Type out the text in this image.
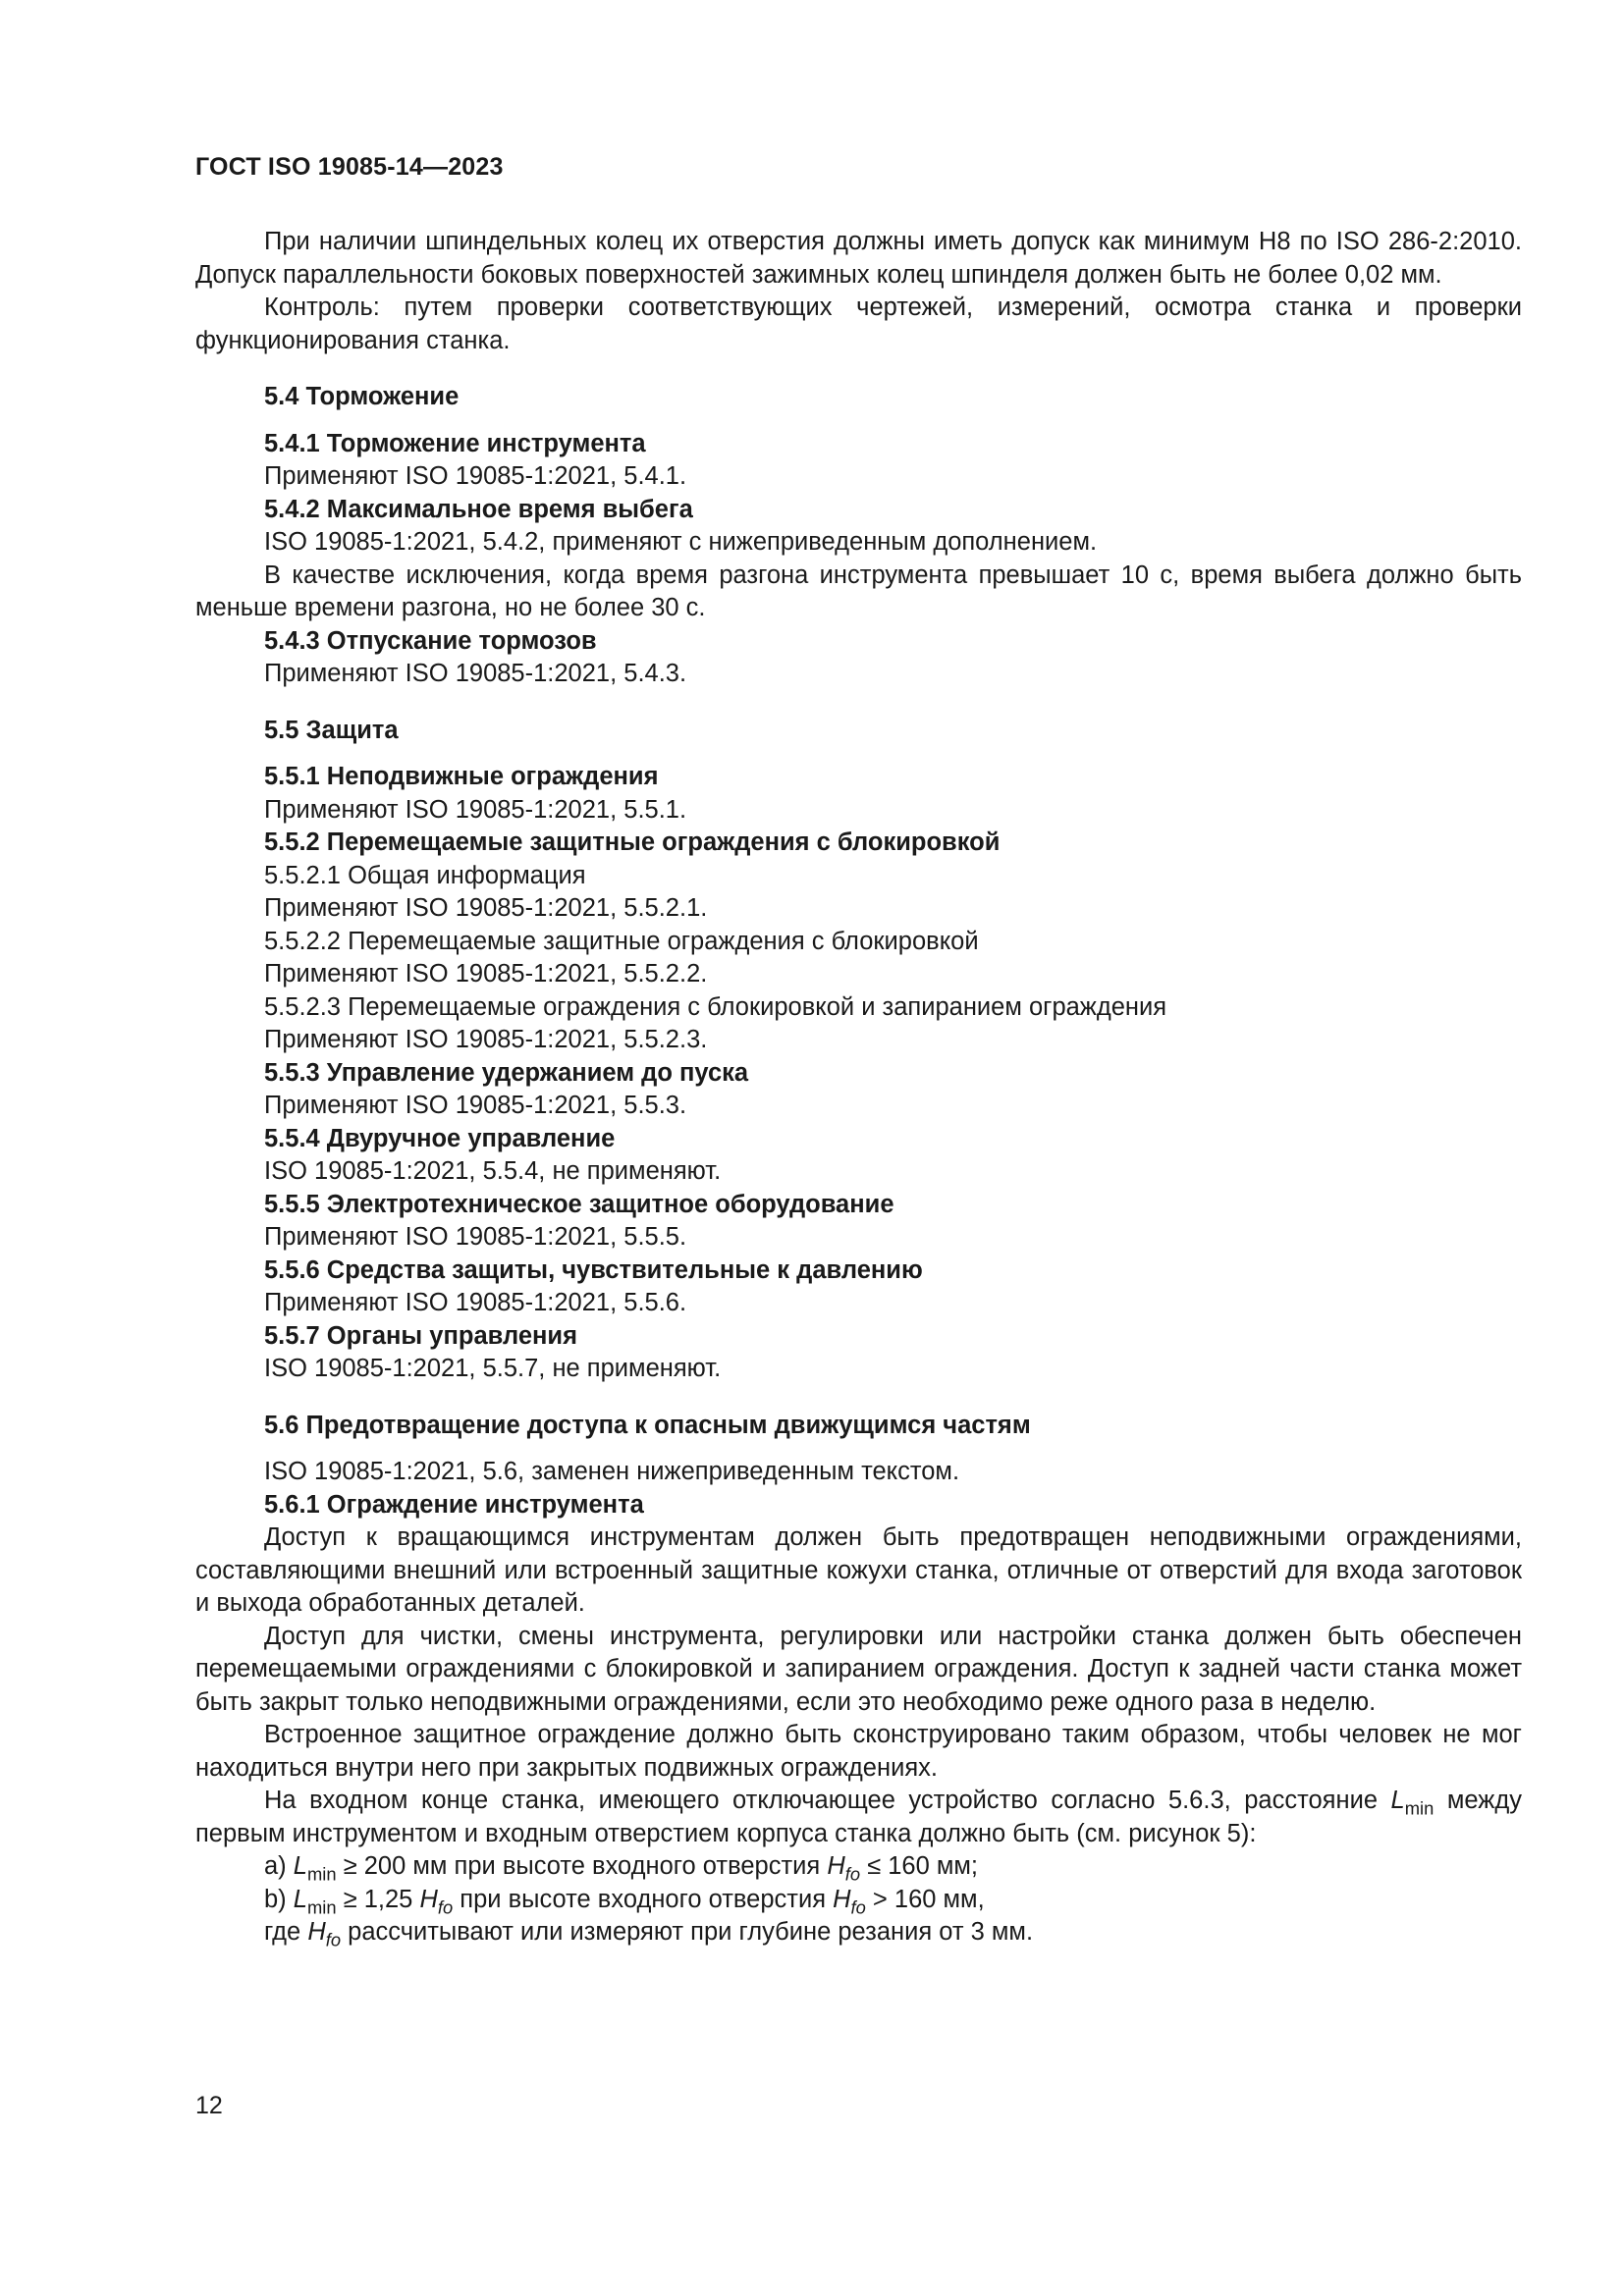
ГОСТ ISO 19085-14—2023

При наличии шпиндельных колец их отверстия должны иметь допуск как минимум H8 по ISO 286-2:2010. Допуск параллельности боковых поверхностей зажимных колец шпинделя должен быть не более 0,02 мм.

Контроль: путем проверки соответствующих чертежей, измерений, осмотра станка и проверки функционирования станка.

5.4 Торможение

5.4.1 Торможение инструмента

Применяют ISO 19085-1:2021, 5.4.1.

5.4.2 Максимальное время выбега

ISO 19085-1:2021, 5.4.2, применяют с нижеприведенным дополнением.

В качестве исключения, когда время разгона инструмента превышает 10 с, время выбега должно быть меньше времени разгона, но не более 30 с.

5.4.3 Отпускание тормозов

Применяют ISO 19085-1:2021, 5.4.3.

5.5 Защита

5.5.1 Неподвижные ограждения

Применяют ISO 19085-1:2021, 5.5.1.

5.5.2 Перемещаемые защитные ограждения с блокировкой

5.5.2.1 Общая информация

Применяют ISO 19085-1:2021, 5.5.2.1.

5.5.2.2 Перемещаемые защитные ограждения с блокировкой

Применяют ISO 19085-1:2021, 5.5.2.2.

5.5.2.3 Перемещаемые ограждения с блокировкой и запиранием ограждения

Применяют ISO 19085-1:2021, 5.5.2.3.

5.5.3 Управление удержанием до пуска

Применяют ISO 19085-1:2021, 5.5.3.

5.5.4 Двуручное управление

ISO 19085-1:2021, 5.5.4, не применяют.

5.5.5 Электротехническое защитное оборудование

Применяют ISO 19085-1:2021, 5.5.5.

5.5.6 Средства защиты, чувствительные к давлению

Применяют ISO 19085-1:2021, 5.5.6.

5.5.7 Органы управления

ISO 19085-1:2021, 5.5.7, не применяют.

5.6 Предотвращение доступа к опасным движущимся частям

ISO 19085-1:2021, 5.6, заменен нижеприведенным текстом.

5.6.1 Ограждение инструмента

Доступ к вращающимся инструментам должен быть предотвращен неподвижными ограждениями, составляющими внешний или встроенный защитные кожухи станка, отличные от отверстий для входа заготовок и выхода обработанных деталей.

Доступ для чистки, смены инструмента, регулировки или настройки станка должен быть обеспечен перемещаемыми ограждениями с блокировкой и запиранием ограждения. Доступ к задней части станка может быть закрыт только неподвижными ограждениями, если это необходимо реже одного раза в неделю.

Встроенное защитное ограждение должно быть сконструировано таким образом, чтобы человек не мог находиться внутри него при закрытых подвижных ограждениях.

На входном конце станка, имеющего отключающее устройство согласно 5.6.3, расстояние $L_{min}$ между первым инструментом и входным отверстием корпуса станка должно быть (см. рисунок 5):

a) $L_{min} \ge 200$ мм при высоте входного отверстия $H_{fo} \le 160$ мм;

b) $L_{min} \ge 1,25$ $H_{fo}$ при высоте входного отверстия $H_{fo} > 160$ мм,

где $H_{fo}$ рассчитывают или измеряют при глубине резания от 3 мм.

12
